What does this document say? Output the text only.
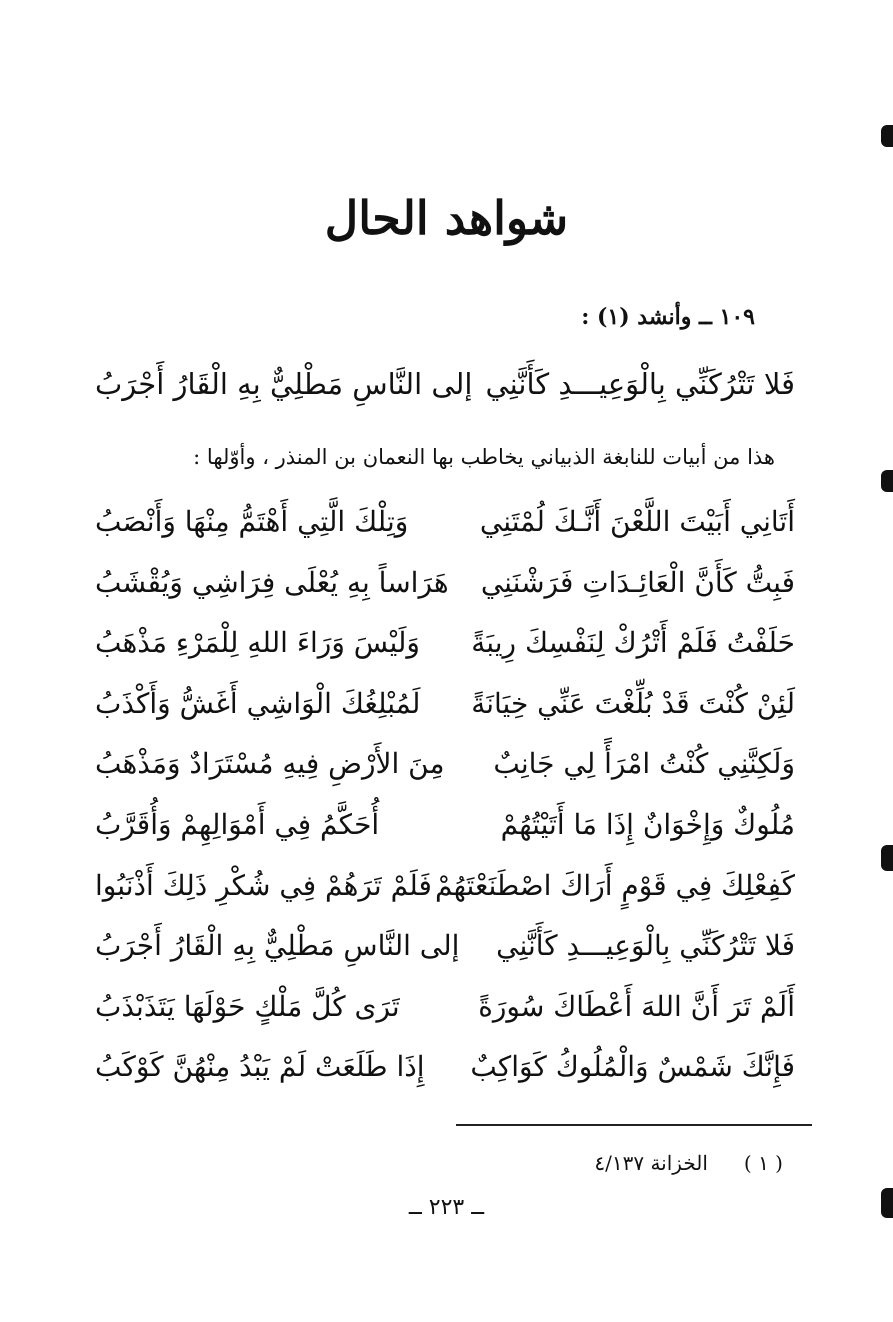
شواهد الحال
١٠٩ ــ وأنشد (١) :
فَلا تَتْرُكَنِّي بِالْوَعِيـــدِ كَأَنَّنِي
إلى النَّاسِ مَطْلِيٌّ بِهِ الْقَارُ أَجْرَبُ
هذا من أبيات للنابغة الذبياني يخاطب بها النعمان بن المنذر ، وأوّلها :
أَتَانِي أَبَيْتَ اللَّعْنَ أَنَّـكَ لُمْتَنِي
وَتِلْكَ الَّتِي أَهْتَمُّ مِنْهَا وَأَنْصَبُ
فَبِتُّ كَأَنَّ الْعَائِـدَاتِ فَرَشْنَنِي
هَرَاساً بِهِ يُعْلَى فِرَاشِي وَيُقْشَبُ
حَلَفْتُ فَلَمْ أَتْرُكْ لِنَفْسِكَ رِيبَةً
وَلَيْسَ وَرَاءَ اللهِ لِلْمَرْءِ مَذْهَبُ
لَئِنْ كُنْتَ قَدْ بُلِّغْتَ عَنِّي خِيَانَةً
لَمُبْلِغُكَ الْوَاشِي أَغَشُّ وَأَكْذَبُ
وَلَكِنَّنِي كُنْتُ امْرَأً لِي جَانِبٌ
مِنَ الأَرْضِ فِيهِ مُسْتَرَادٌ وَمَذْهَبُ
مُلُوكٌ وَإِخْوَانٌ إِذَا مَا أَتَيْتُهُمْ
أُحَكَّمُ فِي أَمْوَالِهِمْ وَأُقَرَّبُ
كَفِعْلِكَ فِي قَوْمٍ أَرَاكَ اصْطَنَعْتَهُمْ
فَلَمْ تَرَهُمْ فِي شُكْرِ ذَلِكَ أَذْنَبُوا
فَلا تَتْرُكَنِّي بِالْوَعِيـــدِ كَأَنَّنِي
إلى النَّاسِ مَطْلِيٌّ بِهِ الْقَارُ أَجْرَبُ
أَلَمْ تَرَ أَنَّ اللهَ أَعْطَاكَ سُورَةً
تَرَى كُلَّ مَلْكٍ حَوْلَهَا يَتَذَبْذَبُ
فَإِنَّكَ شَمْسٌ وَالْمُلُوكُ كَوَاكِبٌ
إِذَا طَلَعَتْ لَمْ يَبْدُ مِنْهُنَّ كَوْكَبُ
( ١ )الخزانة ٤/١٣٧
ــ ٢٢٣ ــ
